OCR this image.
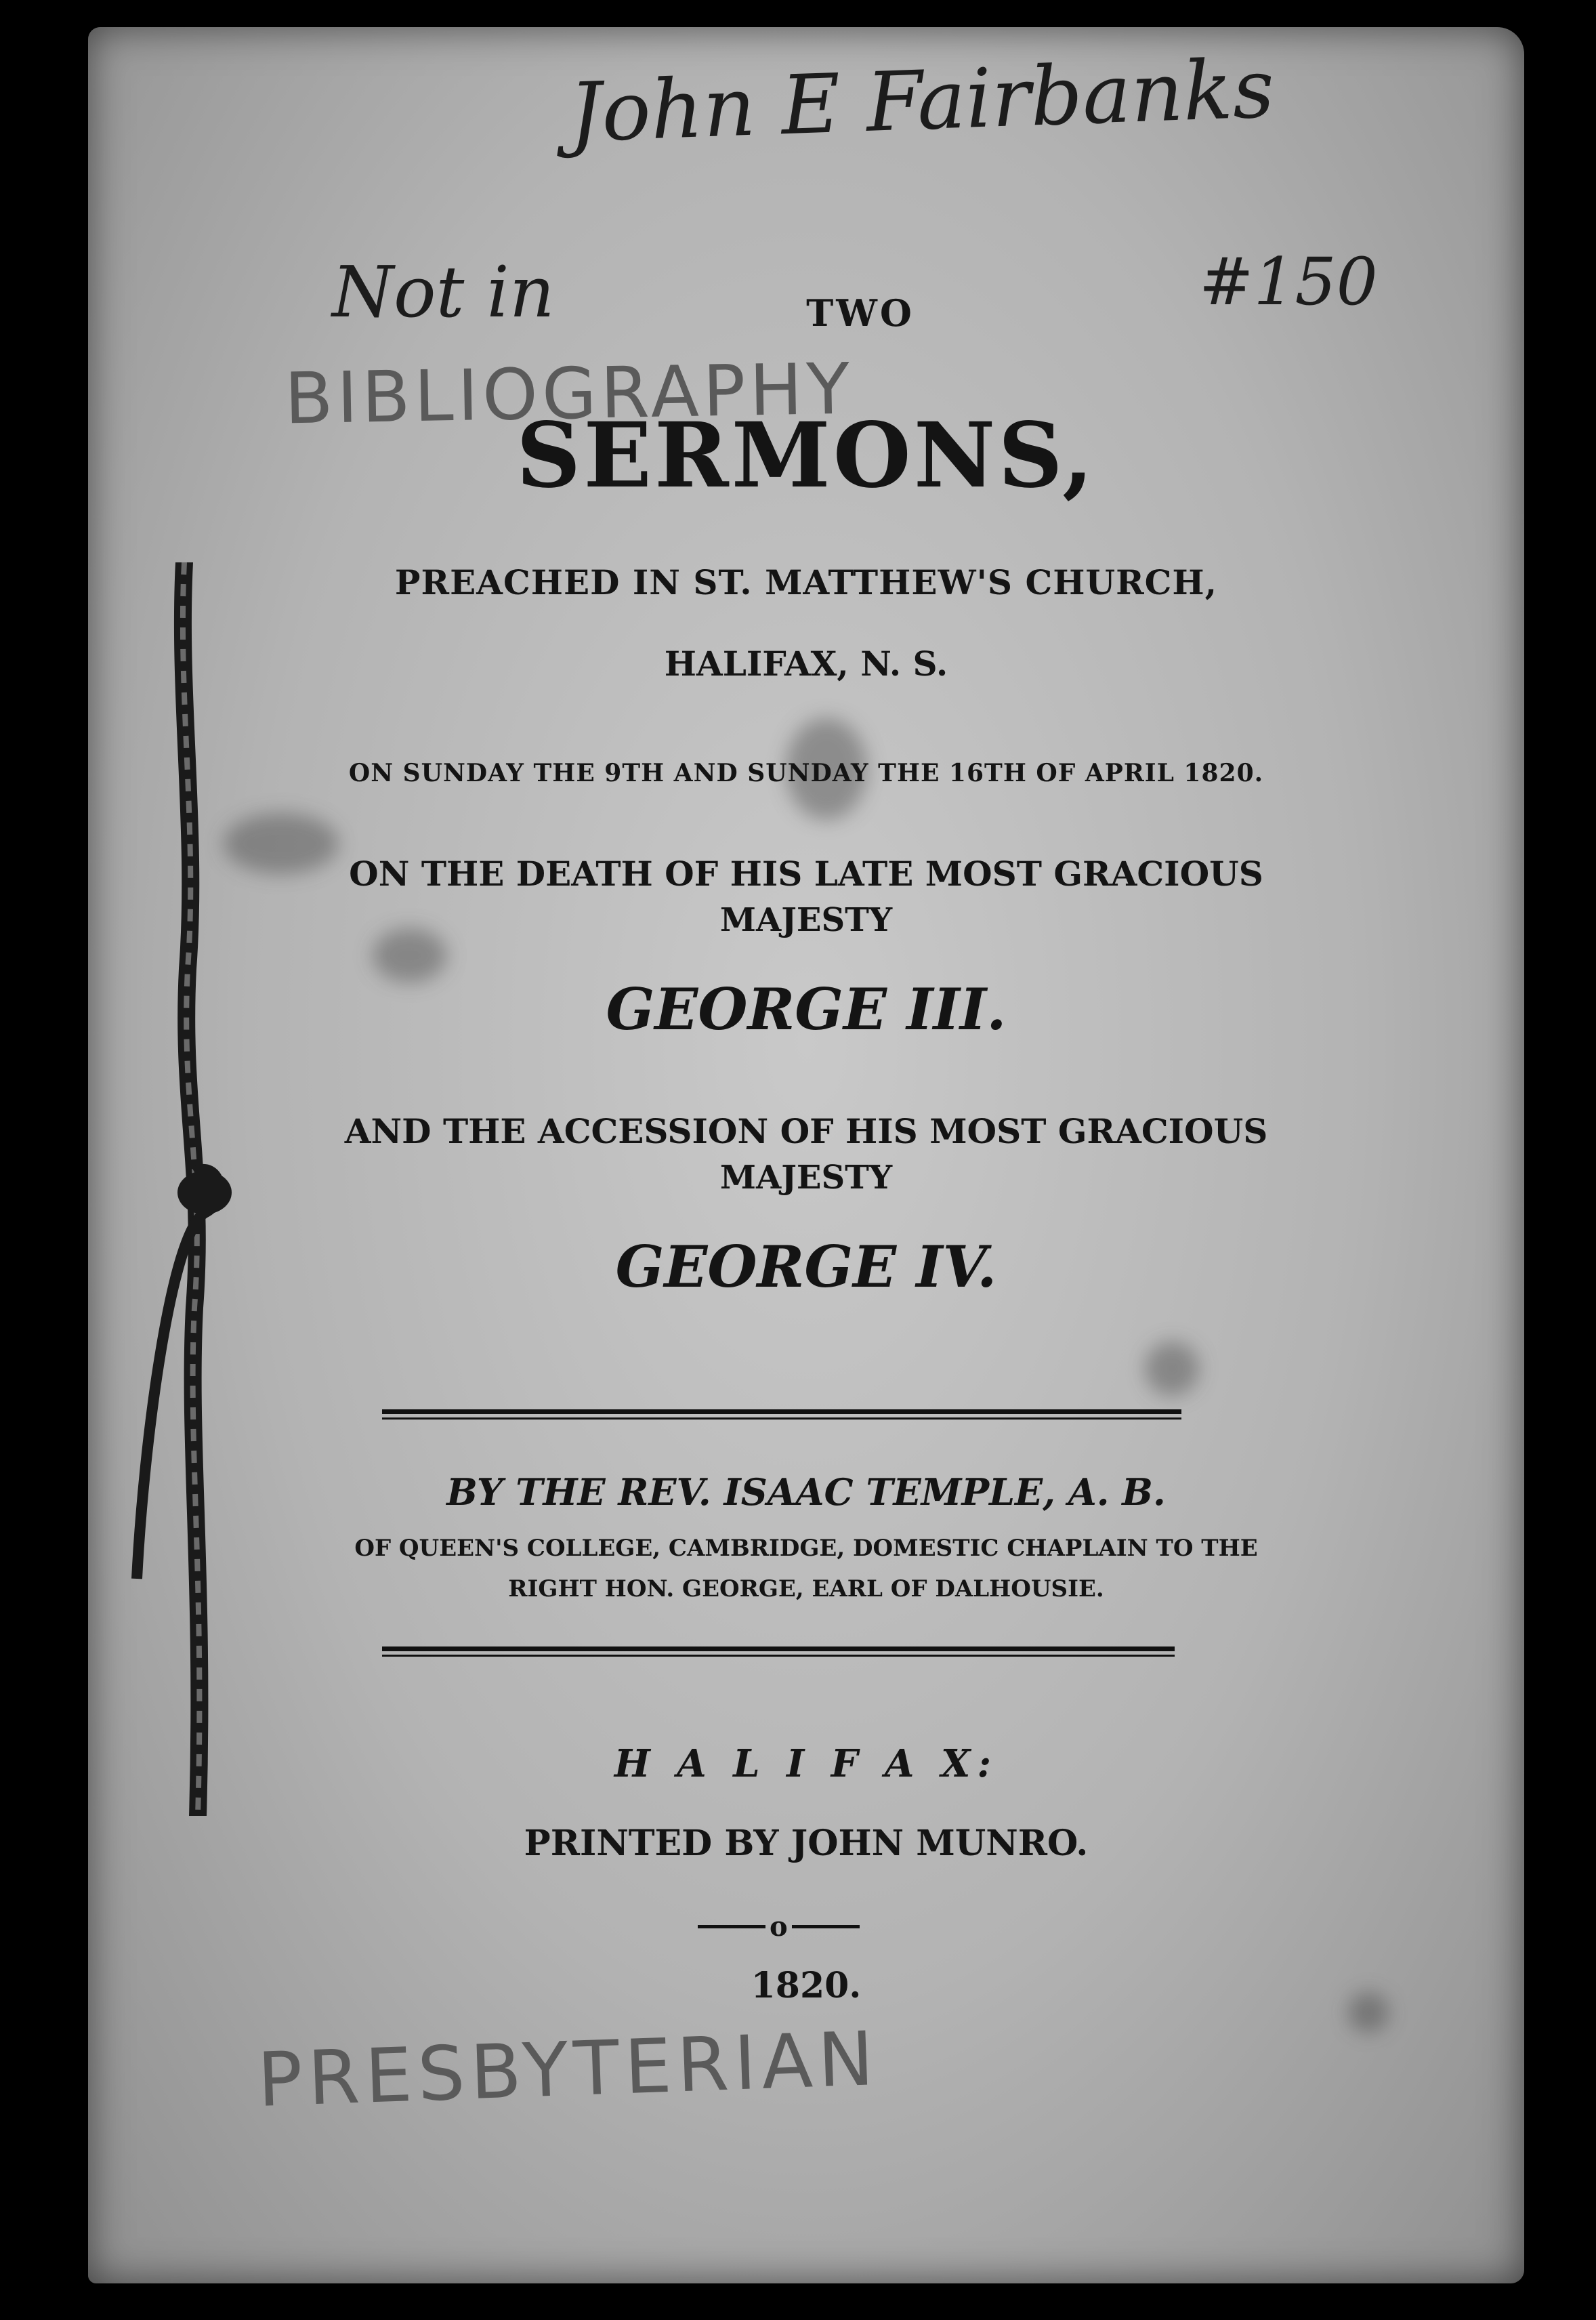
John E Fairbanks
#150
Not in
BIBLIOGRAPHY
PRESBYTERIAN
TWO
SERMONS,
PREACHED IN ST. MATTHEW'S CHURCH,
HALIFAX, N. S.
ON SUNDAY THE 9TH AND SUNDAY THE 16TH OF APRIL 1820.
ON THE DEATH OF HIS LATE MOST GRACIOUS
MAJESTY
GEORGE III.
AND THE ACCESSION OF HIS MOST GRACIOUS
MAJESTY
GEORGE IV.
BY THE REV. ISAAC TEMPLE, A. B.
OF QUEEN'S COLLEGE, CAMBRIDGE, DOMESTIC CHAPLAIN TO THE
RIGHT HON. GEORGE, EARL OF DALHOUSIE.
H A L I F A X:
PRINTED BY JOHN MUNRO.
o
1820.
